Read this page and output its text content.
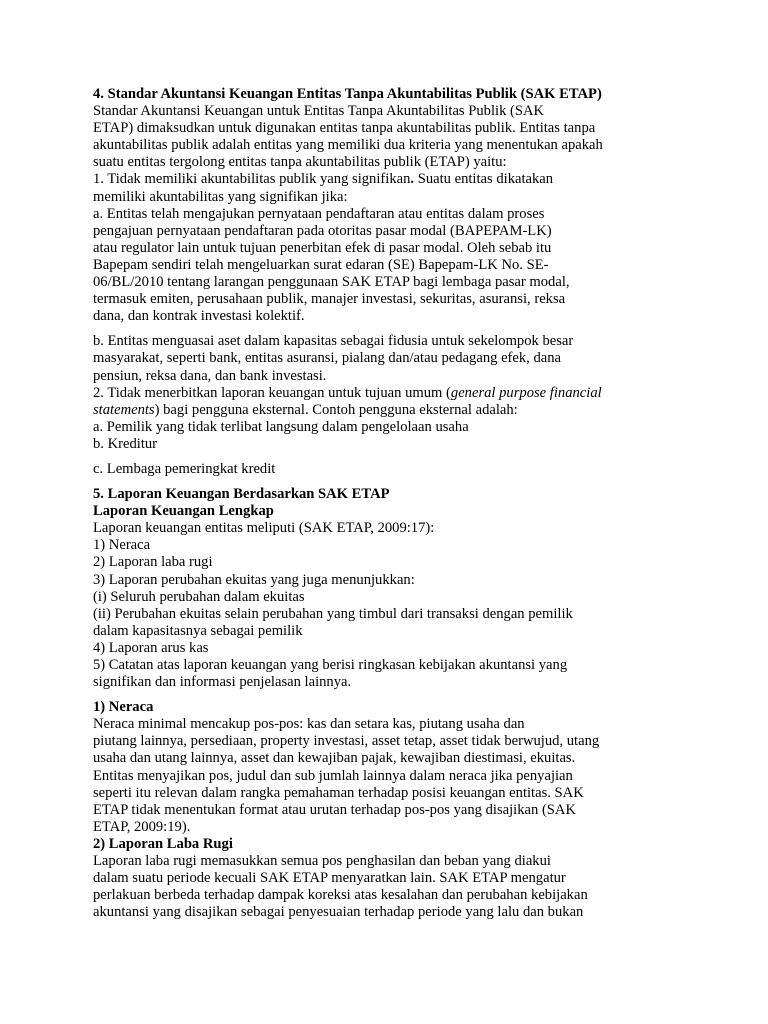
4. Standar Akuntansi Keuangan Entitas Tanpa Akuntabilitas Publik (SAK ETAP)
Standar Akuntansi Keuangan untuk Entitas Tanpa Akuntabilitas Publik (SAK
ETAP) dimaksudkan untuk digunakan entitas tanpa akuntabilitas publik. Entitas tanpa
akuntabilitas publik adalah entitas yang memiliki dua kriteria yang menentukan apakah
suatu entitas tergolong entitas tanpa akuntabilitas publik (ETAP) yaitu:
1. Tidak memiliki akuntabilitas publik yang signifikan. Suatu entitas dikatakan
memiliki akuntabilitas yang signifikan jika:
a. Entitas telah mengajukan pernyataan pendaftaran atau entitas dalam proses
pengajuan pernyataan pendaftaran pada otoritas pasar modal (BAPEPAM-LK)
atau regulator lain untuk tujuan penerbitan efek di pasar modal. Oleh sebab itu
Bapepam sendiri telah mengeluarkan surat edaran (SE) Bapepam-LK No. SE-
06/BL/2010 tentang larangan penggunaan SAK ETAP bagi lembaga pasar modal,
termasuk emiten, perusahaan publik, manajer investasi, sekuritas, asuransi, reksa
dana, dan kontrak investasi kolektif.
b. Entitas menguasai aset dalam kapasitas sebagai fidusia untuk sekelompok besar
masyarakat, seperti bank, entitas asuransi, pialang dan/atau pedagang efek, dana
pensiun, reksa dana, dan bank investasi.
2. Tidak menerbitkan laporan keuangan untuk tujuan umum (general purpose financial
statements) bagi pengguna eksternal. Contoh pengguna eksternal adalah:
a. Pemilik yang tidak terlibat langsung dalam pengelolaan usaha
b. Kreditur
c. Lembaga pemeringkat kredit
5. Laporan Keuangan Berdasarkan SAK ETAP
Laporan Keuangan Lengkap
Laporan keuangan entitas meliputi (SAK ETAP, 2009:17):
1) Neraca
2) Laporan laba rugi
3) Laporan perubahan ekuitas yang juga menunjukkan:
(i) Seluruh perubahan dalam ekuitas
(ii) Perubahan ekuitas selain perubahan yang timbul dari transaksi dengan pemilik
dalam kapasitasnya sebagai pemilik
4) Laporan arus kas
5) Catatan atas laporan keuangan yang berisi ringkasan kebijakan akuntansi yang
signifikan dan informasi penjelasan lainnya.
1) Neraca
Neraca minimal mencakup pos-pos: kas dan setara kas, piutang usaha dan
piutang lainnya, persediaan, property investasi, asset tetap, asset tidak berwujud, utang
usaha dan utang lainnya, asset dan kewajiban pajak, kewajiban diestimasi, ekuitas.
Entitas menyajikan pos, judul dan sub jumlah lainnya dalam neraca jika penyajian
seperti itu relevan dalam rangka pemahaman terhadap posisi keuangan entitas. SAK
ETAP tidak menentukan format atau urutan terhadap pos-pos yang disajikan (SAK
ETAP, 2009:19).
2) Laporan Laba Rugi
Laporan laba rugi memasukkan semua pos penghasilan dan beban yang diakui
dalam suatu periode kecuali SAK ETAP menyaratkan lain. SAK ETAP mengatur
perlakuan berbeda terhadap dampak koreksi atas kesalahan dan perubahan kebijakan
akuntansi yang disajikan sebagai penyesuaian terhadap periode yang lalu dan bukan
